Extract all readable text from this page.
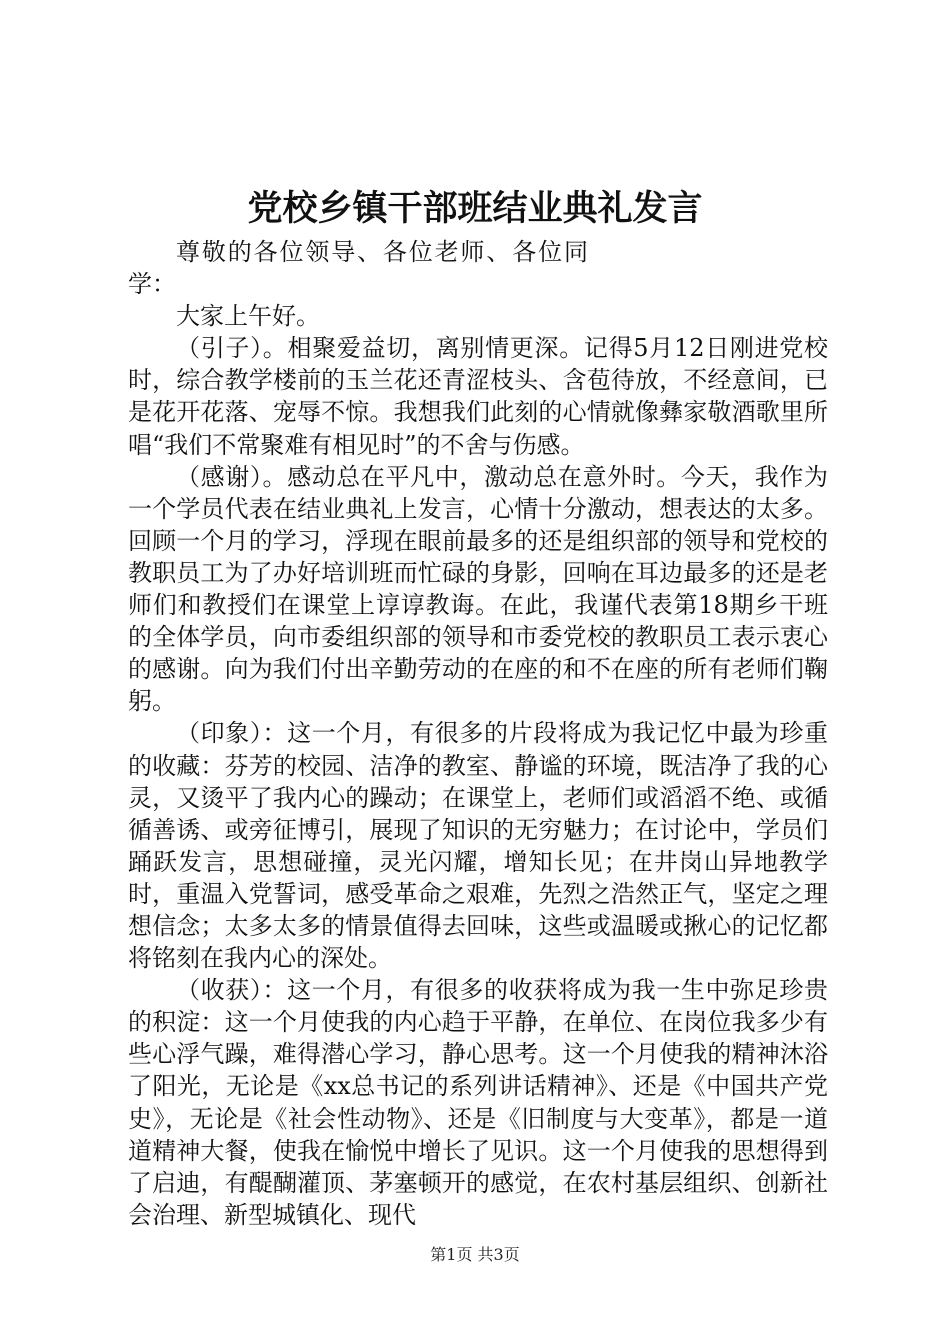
党校乡镇干部班结业典礼发言

尊敬的各位领导、各位老师、各位同学：

大家上午好。

（引子）。相聚爱益切，离别情更深。记得5月12日刚进党校时，综合教学楼前的玉兰花还青涩枝头、含苞待放，不经意间，已是花开花落、宠辱不惊。我想我们此刻的心情就像彝家敬酒歌里所唱“我们不常聚难有相见时”的不舍与伤感。

（感谢）。感动总在平凡中，激动总在意外时。今天，我作为一个学员代表在结业典礼上发言，心情十分激动，想表达的太多。回顾一个月的学习，浮现在眼前最多的还是组织部的领导和党校的教职员工为了办好培训班而忙碌的身影，回响在耳边最多的还是老师们和教授们在课堂上谆谆教诲。在此，我谨代表第18期乡干班的全体学员，向市委组织部的领导和市委党校的教职员工表示衷心的感谢。向为我们付出辛勤劳动的在座的和不在座的所有老师们鞠躬。

（印象）：这一个月，有很多的片段将成为我记忆中最为珍重的收藏：芬芳的校园、洁净的教室、静谧的环境，既洁净了我的心灵，又烫平了我内心的躁动；在课堂上，老师们或滔滔不绝、或循循善诱、或旁征博引，展现了知识的无穷魅力；在讨论中，学员们踊跃发言，思想碰撞，灵光闪耀，增知长见；在井岗山异地教学时，重温入党誓词，感受革命之艰难，先烈之浩然正气，坚定之理想信念；太多太多的情景值得去回味，这些或温暖或揪心的记忆都将铭刻在我内心的深处。

（收获）：这一个月，有很多的收获将成为我一生中弥足珍贵的积淀：这一个月使我的内心趋于平静，在单位、在岗位我多少有些心浮气躁，难得潜心学习，静心思考。这一个月使我的精神沐浴了阳光，无论是《xx总书记的系列讲话精神》、还是《中国共产党史》，无论是《社会性动物》、还是《旧制度与大变革》，都是一道道精神大餐，使我在愉悦中增长了见识。这一个月使我的思想得到了启迪，有醍醐灌顶、茅塞顿开的感觉，在农村基层组织、创新社会治理、新型城镇化、现代

第1页 共3页
